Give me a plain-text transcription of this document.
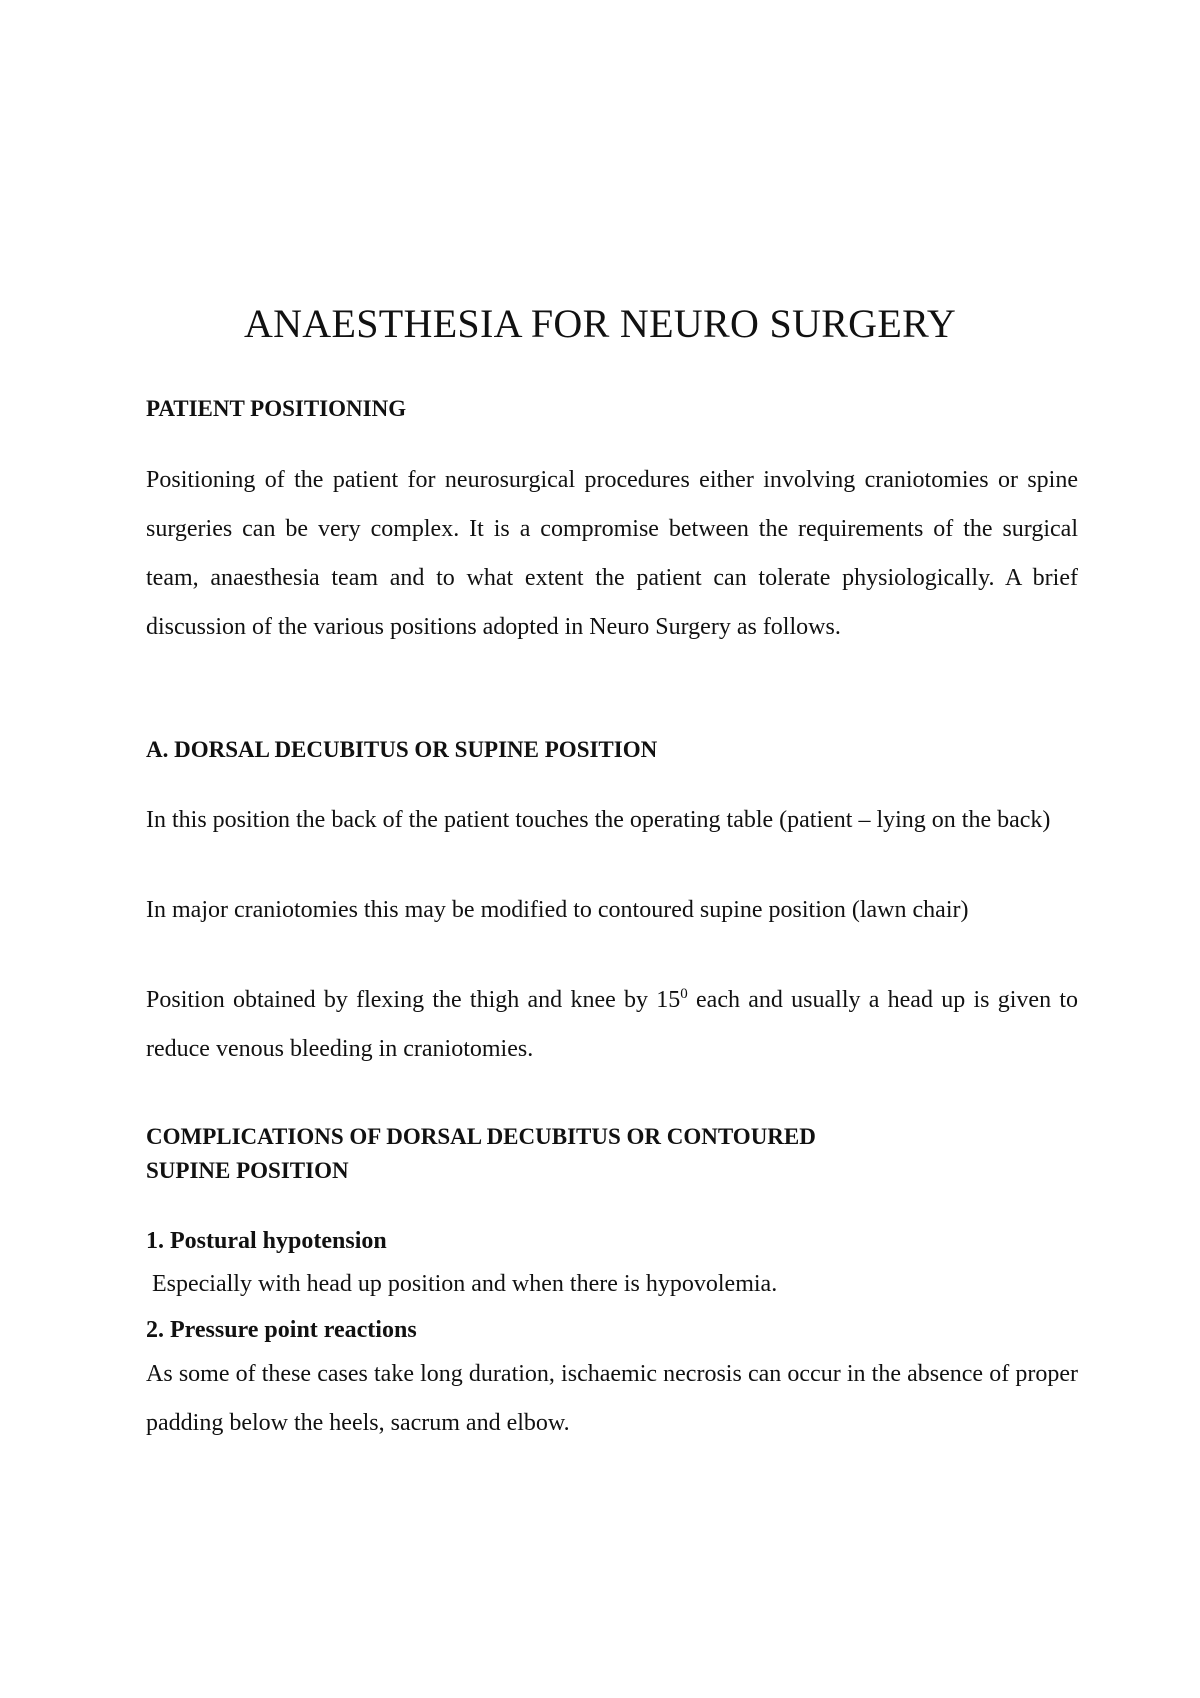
ANAESTHESIA FOR NEURO SURGERY
PATIENT POSITIONING

Positioning of the patient for neurosurgical procedures either involving craniotomies or spine surgeries can be very complex. It is a compromise between the requirements of the surgical team, anaesthesia team and to what extent the patient can tolerate physiologically. A brief discussion of the various positions adopted in Neuro Surgery as follows.

A. DORSAL DECUBITUS OR SUPINE POSITION

In this position the back of the patient touches the operating table (patient – lying on the back)

In major craniotomies this may be modified to contoured supine position (lawn chair)

Position obtained by flexing the thigh and knee by $15^0$ each and usually a head up is given to reduce venous bleeding in craniotomies.

COMPLICATIONS OF DORSAL DECUBITUS OR CONTOURED
SUPINE POSITION
1. Postural hypotension

Especially with head up position and when there is hypovolemia.

2. Pressure point reactions

As some of these cases take long duration, ischaemic necrosis can occur in the absence of proper padding below the heels, sacrum and elbow.
